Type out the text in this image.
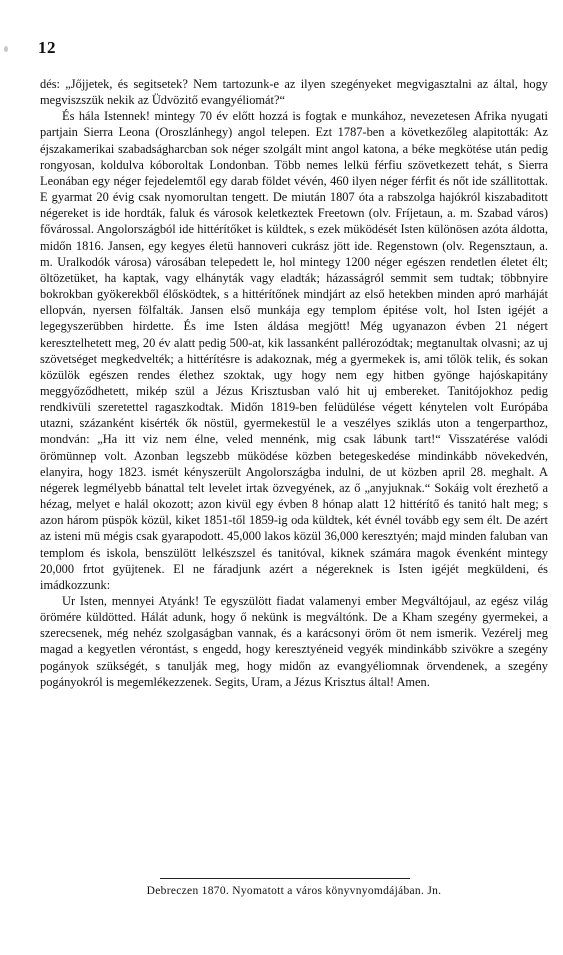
12

dés: „Jőjjetek, és segitsetek? Nem tartozunk-e az ilyen szegényeket megvigasztalni az által, hogy megviszszük nekik az Üdvözitő evangyéliomát?“

És hála Istennek! mintegy 70 év előtt hozzá is fogtak e munkához, nevezetesen Afrika nyugati partjain Sierra Leona (Oroszlánhegy) angol telepen. Ezt 1787-ben a következőleg alapitották: Az éjszakamerikai szabadságharcban sok néger szolgált mint angol katona, a béke megkötése után pedig rongyosan, koldulva kóboroltak Londonban. Több nemes lelkü férfiu szövetkezett tehát, s Sierra Leonában egy néger fejedelemtől egy darab földet vévén, 460 ilyen néger férfit és nőt ide szállitottak. E gyarmat 20 évig csak nyomorultan tengett. De miután 1807 óta a rabszolga hajókról kiszabaditott négereket is ide hordták, faluk és városok keletkeztek Freetown (olv. Fríjetaun, a. m. Szabad város) fővárossal. Angolországból ide hittérítőket is küldtek, s ezek müködését Isten különösen azóta áldotta, midőn 1816. Jansen, egy kegyes életü hannoveri cukrász jött ide. Regenstown (olv. Regensztaun, a. m. Uralkodók városa) városában telepedett le, hol mintegy 1200 néger egészen rendetlen életet élt; öltözetüket, ha kaptak, vagy elhányták vagy eladták; házasságról semmit sem tudtak; többnyire bokrokban gyökerekből élősködtek, s a hittérítőnek mindjárt az első hetekben minden apró marháját ellopván, nyersen fölfalták. Jansen első munkája egy templom épitése volt, hol Isten igéjét a legegyszerübben hirdette. És ime Isten áldása megjött! Még ugyanazon évben 21 négert keresztelhetett meg, 20 év alatt pedig 500-at, kik lassanként pallérozódtak; megtanultak olvasni; az uj szövetséget megkedvelték; a hittérítésre is adakoznak, még a gyermekek is, ami tőlök telik, és sokan közülök egészen rendes élethez szoktak, ugy hogy nem egy hitben gyönge hajóskapitány meggyőződhetett, mikép szül a Jézus Krisztusban való hit uj embereket. Tanitójokhoz pedig rendkivüli szeretettel ragaszkodtak. Midőn 1819-ben felüdülése végett kénytelen volt Európába utazni, százanként kisérték ők nöstül, gyermekestül le a veszélyes sziklás uton a tengerparthoz, mondván: „Ha itt viz nem élne, veled mennénk, mig csak lábunk tart!“ Visszatérése valódi örömünnep volt. Azonban legszebb müködése közben betegeskedése mindinkább növekedvén, elanyira, hogy 1823. ismét kényszerült Angolországba indulni, de ut közben april 28. meghalt. A négerek legmélyebb bánattal telt levelet irtak özvegyének, az ő „anyjuknak.“ Sokáig volt érezhető a hézag, melyet e halál okozott; azon kivül egy évben 8 hónap alatt 12 hittérítő és tanitó halt meg; s azon három püspök közül, kiket 1851-től 1859-ig oda küldtek, két évnél tovább egy sem élt. De azért az isteni mü mégis csak gyarapodott. 45,000 lakos közül 36,000 keresztyén; majd minden faluban van templom és iskola, benszülött lelkészszel és tanitóval, kiknek számára magok évenként mintegy 20,000 frtot gyüjtenek. El ne fáradjunk azért a négereknek is Isten igéjét megküldeni, és imádkozzunk:

Ur Isten, mennyei Atyánk! Te egyszülött fiadat valamenyi ember Megváltójaul, az egész világ örömére küldötted. Hálát adunk, hogy ő nekünk is megváltónk. De a Kham szegény gyermekei, a szerecsenek, még nehéz szolgaságban vannak, és a karácsonyi öröm öt nem ismerik. Vezérelj meg magad a kegyetlen vérontást, s engedd, hogy keresztyéneid vegyék mindinkább szivökre a szegény pogányok szükségét, s tanulják meg, hogy midőn az evangyéliomnak örvendenek, a szegény pogányokról is megemlékezzenek. Segits, Uram, a Jézus Krisztus által! Amen.

Debreczen 1870. Nyomatott a város könyvnyomdájában. Jn.
